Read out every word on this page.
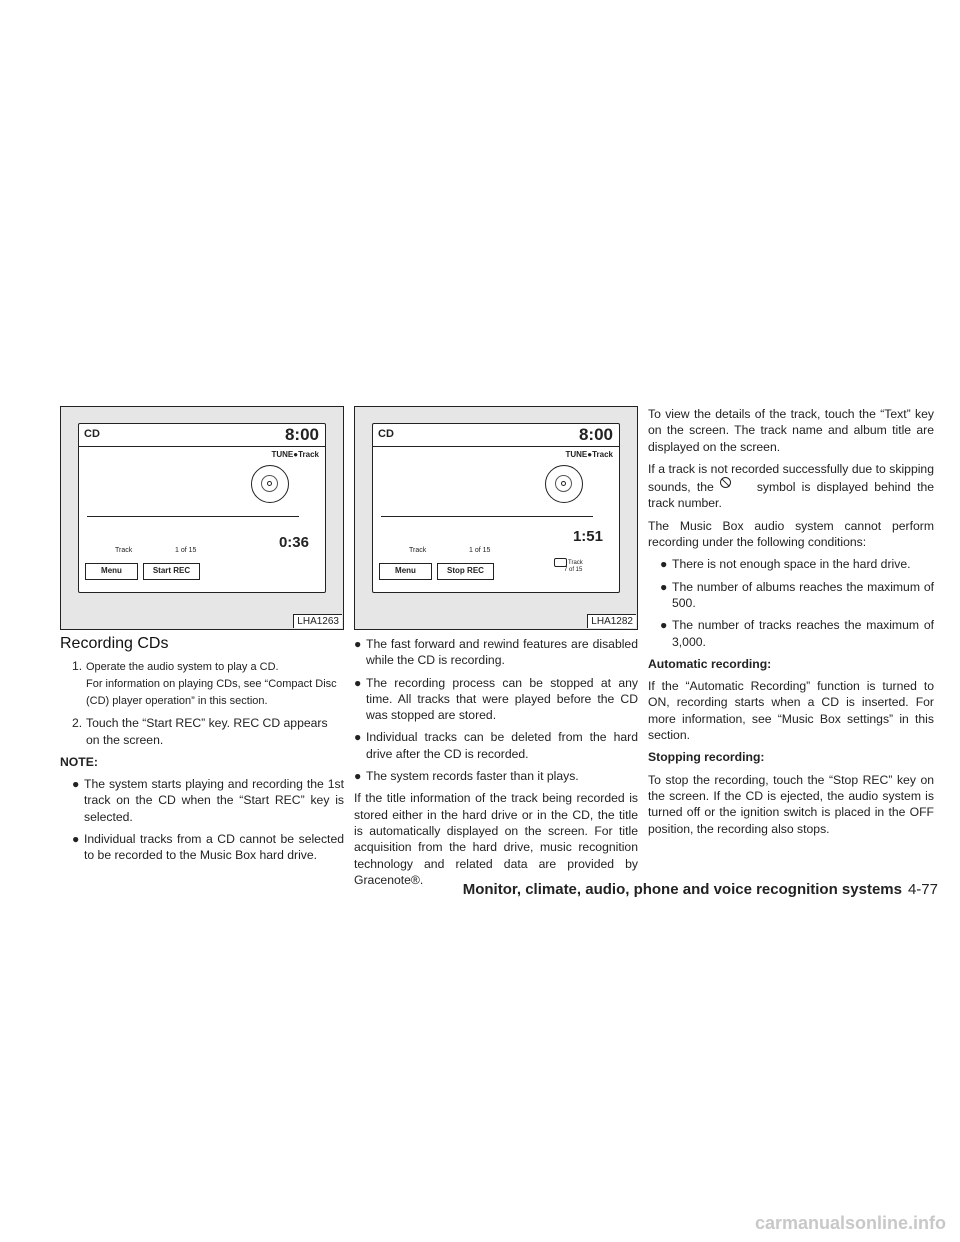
CD	8:00
TUNE●Track
0:36
Track	1 of 15
Menu	Start REC
LHA1263
CD	8:00
TUNE●Track
1:51
Track	1 of 15
Track
7 of 15
Menu	Stop REC
LHA1282
Recording CDs
1. Operate the audio system to play a CD.
For information on playing CDs, see “Compact Disc (CD) player operation” in this section.
2. Touch the “Start REC” key. REC CD appears on the screen.
NOTE:
● The system starts playing and recording the 1st track on the CD when the “Start REC” key is selected.
● Individual tracks from a CD cannot be selected to be recorded to the Music Box hard drive.
● The fast forward and rewind features are disabled while the CD is recording.
● The recording process can be stopped at any time. All tracks that were played before the CD was stopped are stored.
● Individual tracks can be deleted from the hard drive after the CD is recorded.
● The system records faster than it plays.

If the title information of the track being recorded is stored either in the hard drive or in the CD, the title is automatically displayed on the screen. For title acquisition from the hard drive, music recognition technology and related data are provided by Gracenote®.

To view the details of the track, touch the “Text” key on the screen. The track name and album title are displayed on the screen.

If a track is not recorded successfully due to skipping sounds, the	symbol is displayed behind the track number.

The Music Box audio system cannot perform recording under the following conditions:

● There is not enough space in the hard drive.
● The number of albums reaches the maximum of 500.
● The number of tracks reaches the maximum of 3,000.
Automatic recording:

If the “Automatic Recording” function is turned to ON, recording starts when a CD is inserted. For more information, see “Music Box settings” in this section.

Stopping recording:

To stop the recording, touch the “Stop REC” key on the screen. If the CD is ejected, the audio system is turned off or the ignition switch is placed in the OFF position, the recording also stops.

Monitor, climate, audio, phone and voice recognition systems 4-77
carmanualsonline.info
